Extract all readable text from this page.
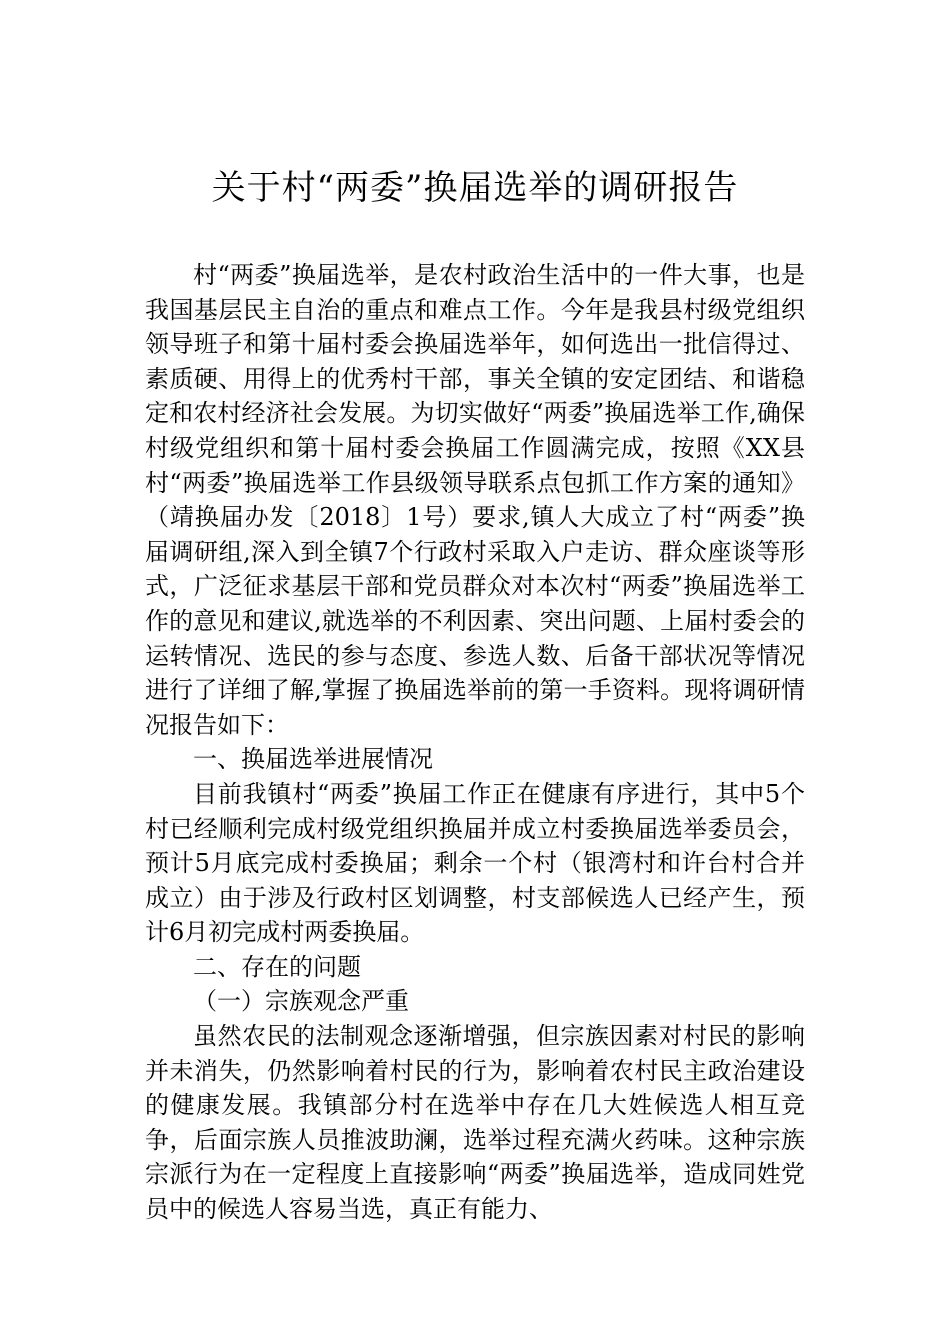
关于村“两委”换届选举的调研报告

村“两委”换届选举，是农村政治生活中的一件大事，也是我国基层民主自治的重点和难点工作。今年是我县村级党组织领导班子和第十届村委会换届选举年，如何选出一批信得过、素质硬、用得上的优秀村干部，事关全镇的安定团结、和谐稳定和农村经济社会发展。为切实做好“两委”换届选举工作,确保村级党组织和第十届村委会换届工作圆满完成，按照《XX县村“两委”换届选举工作县级领导联系点包抓工作方案的通知》（靖换届办发〔2018〕1号）要求,镇人大成立了村“两委”换届调研组,深入到全镇7个行政村采取入户走访、群众座谈等形式，广泛征求基层干部和党员群众对本次村“两委”换届选举工作的意见和建议,就选举的不利因素、突出问题、上届村委会的运转情况、选民的参与态度、参选人数、后备干部状况等情况进行了详细了解,掌握了换届选举前的第一手资料。现将调研情况报告如下：

一、换届选举进展情况

目前我镇村“两委”换届工作正在健康有序进行，其中5个村已经顺利完成村级党组织换届并成立村委换届选举委员会，预计5月底完成村委换届；剩余一个村（银湾村和许台村合并成立）由于涉及行政村区划调整，村支部候选人已经产生，预计6月初完成村两委换届。

二、存在的问题

（一）宗族观念严重

虽然农民的法制观念逐渐增强，但宗族因素对村民的影响并未消失，仍然影响着村民的行为，影响着农村民主政治建设的健康发展。我镇部分村在选举中存在几大姓候选人相互竞争，后面宗族人员推波助澜，选举过程充满火药味。这种宗族宗派行为在一定程度上直接影响“两委”换届选举，造成同姓党员中的候选人容易当选，真正有能力、
